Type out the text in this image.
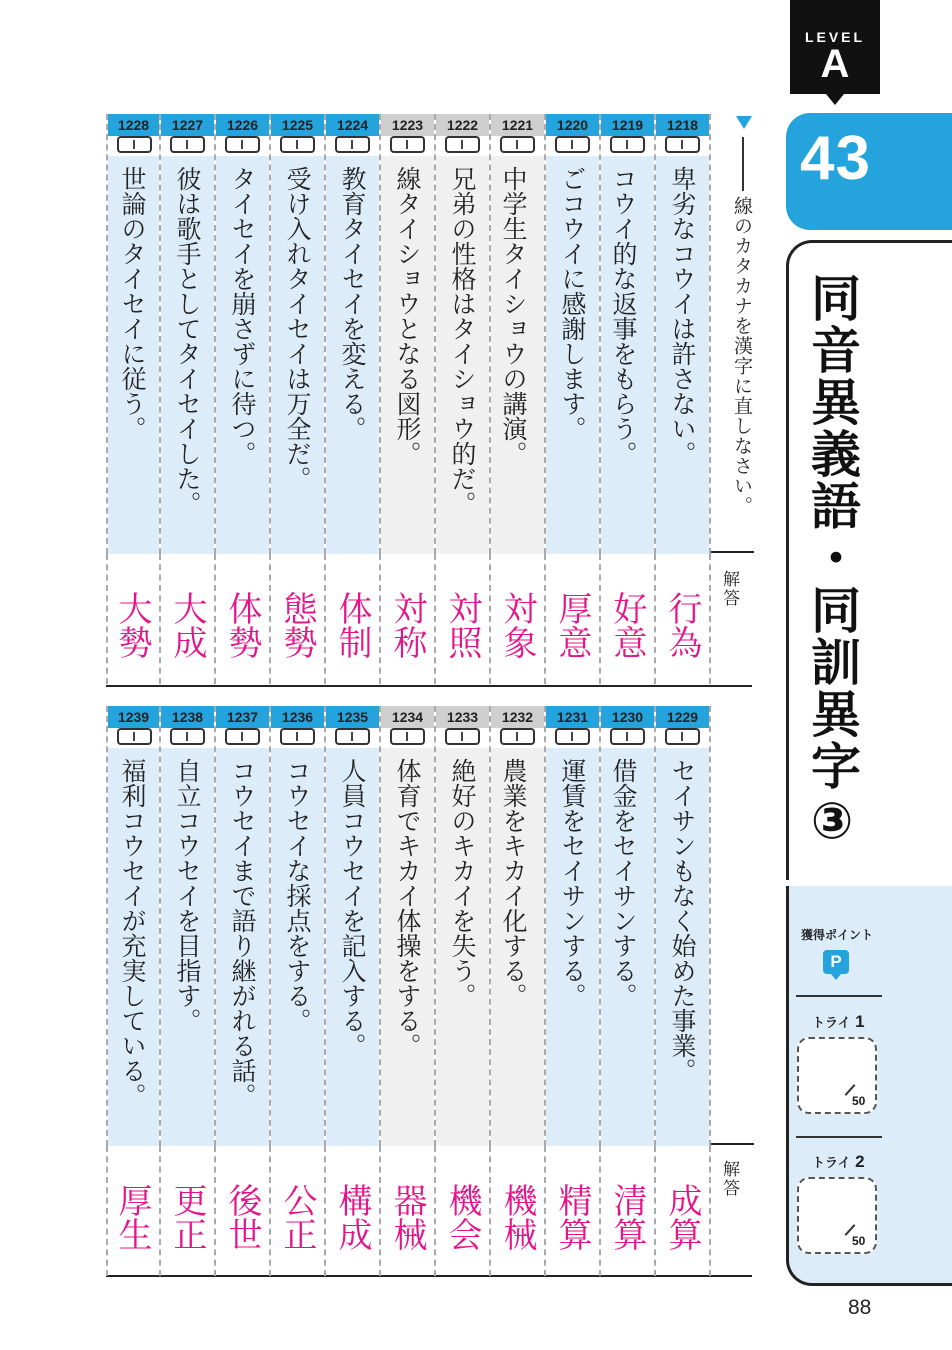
LEVEL
A
43
同音異義語・同訓異字③
獲得ポイント
P
トライ 1
50
トライ 2
50
88
線のカタカナを漢字に直しなさい。
1218
卑劣なコウイは許さない。
行為
1219
コウイ的な返事をもらう。
好意
1220
ごコウイに感謝します。
厚意
1221
中学生タイショウの講演。
対象
1222
兄弟の性格はタイショウ的だ。
対照
1223
線タイショウとなる図形。
対称
1224
教育タイセイを変える。
体制
1225
受け入れタイセイは万全だ。
態勢
1226
タイセイを崩さずに待つ。
体勢
1227
彼は歌手としてタイセイした。
大成
1228
世論のタイセイに従う。
大勢
解答
1229
セイサンもなく始めた事業。
成算
1230
借金をセイサンする。
清算
1231
運賃をセイサンする。
精算
1232
農業をキカイ化する。
機械
1233
絶好のキカイを失う。
機会
1234
体育でキカイ体操をする。
器械
1235
人員コウセイを記入する。
構成
1236
コウセイな採点をする。
公正
1237
コウセイまで語り継がれる話。
後世
1238
自立コウセイを目指す。
更正
1239
福利コウセイが充実している。
厚生
解答
